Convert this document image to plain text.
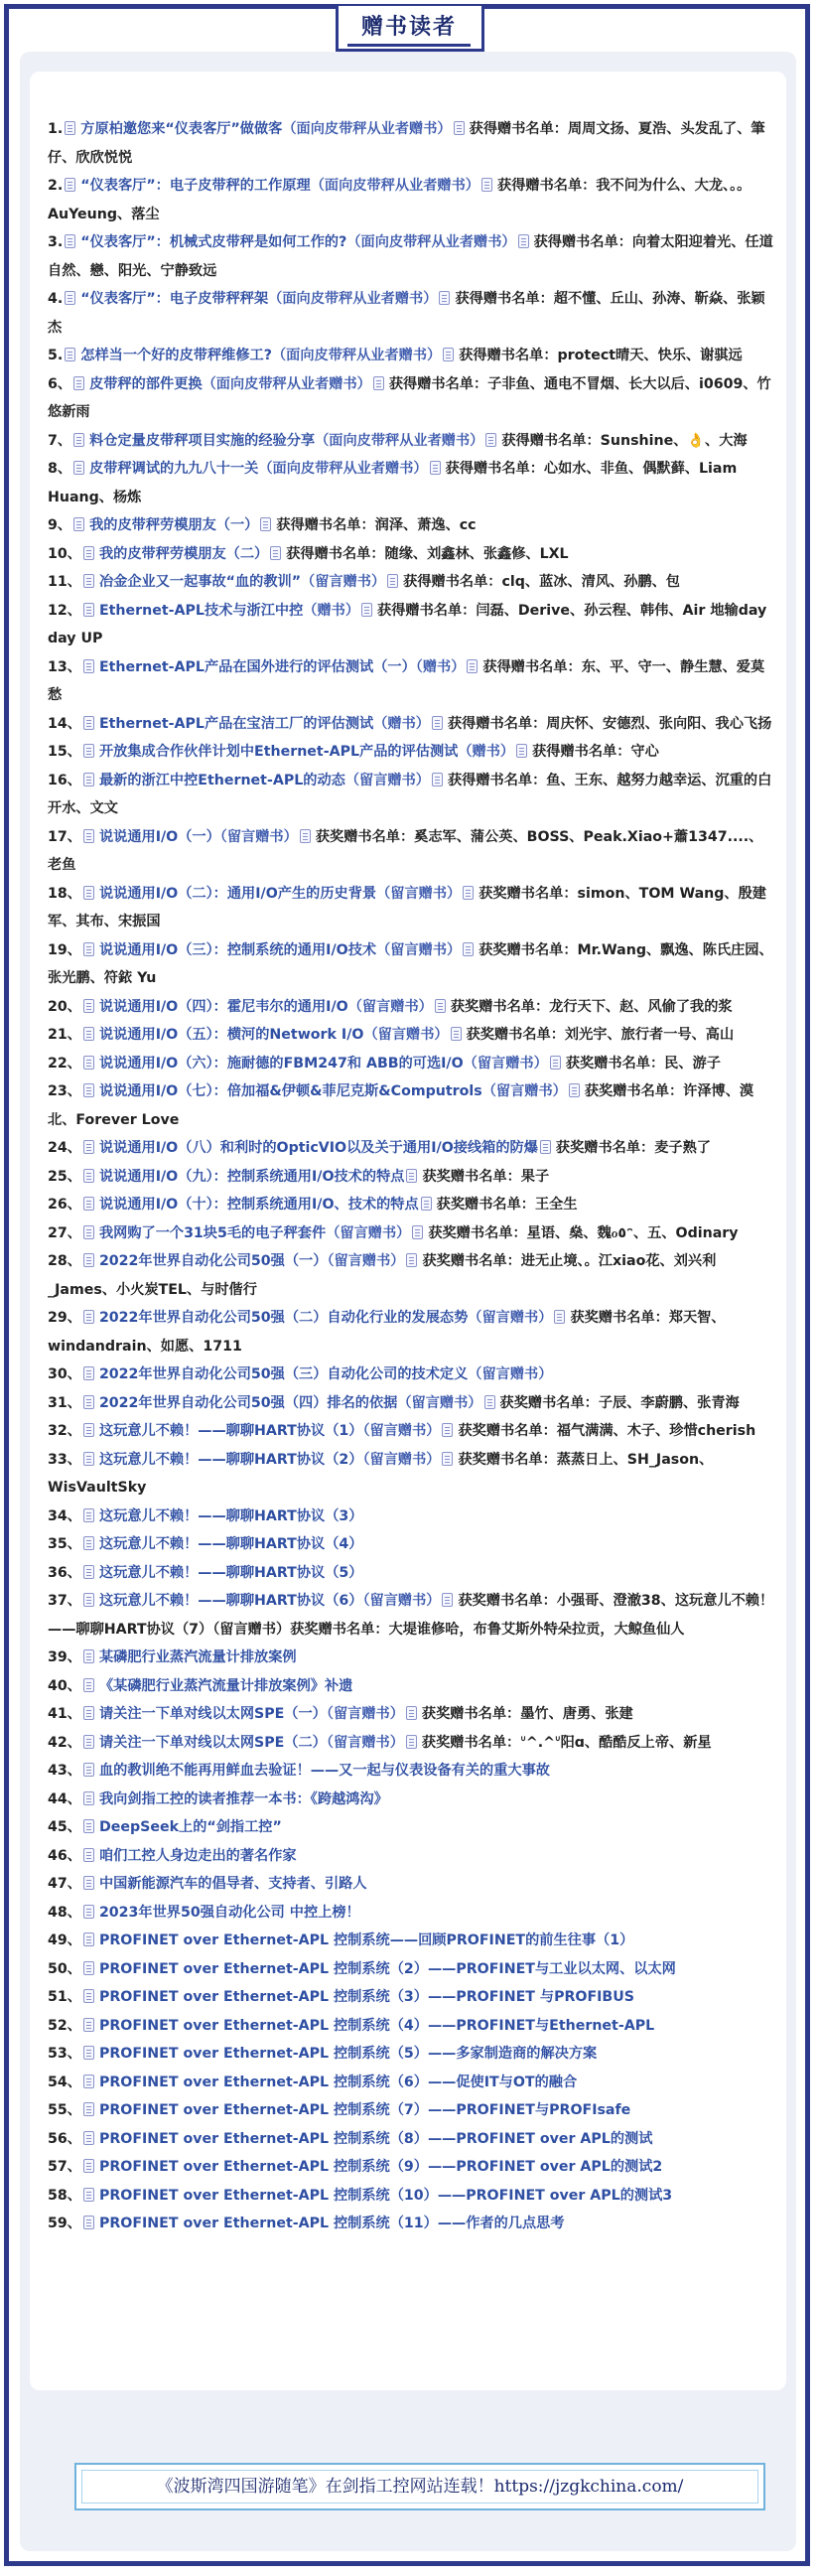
赠书读者
1. 方原柏邀您来“仪表客厅”做做客（面向皮带秤从业者赠书） 获得赠书名单：周周文扬、夏浩、头发乱了、筆仔、欣欣悦悦
2. “仪表客厅”：电子皮带秤的工作原理（面向皮带秤从业者赠书） 获得赠书名单：我不问为什么、大龙、。。AuYeung、落尘
3. “仪表客厅”：机械式皮带秤是如何工作的?（面向皮带秤从业者赠书） 获得赠书名单：向着太阳迎着光、任道自然、戀、阳光、宁静致远
4. “仪表客厅”：电子皮带秤秤架（面向皮带秤从业者赠书） 获得赠书名单：超不懂、丘山、孙涛、靳焱、张颖杰
5. 怎样当一个好的皮带秤维修工?（面向皮带秤从业者赠书） 获得赠书名单：protect晴天、快乐、谢骐远
6、 皮带秤的部件更换（面向皮带秤从业者赠书） 获得赠书名单：子非鱼、通电不冒烟、长大以后、i0609、竹悠新雨
7、 料仓定量皮带秤项目实施的经验分享（面向皮带秤从业者赠书） 获得赠书名单：Sunshine、👌、大海
8、 皮带秤调试的九九八十一关（面向皮带秤从业者赠书） 获得赠书名单：心如水、非鱼、偶默藓、Liam Huang、杨炼
9、 我的皮带秤劳模朋友（一） 获得赠书名单：润泽、萧逸、cc
10、 我的皮带秤劳模朋友（二） 获得赠书名单：随缘、刘鑫林、张鑫修、LXL
11、 冶金企业又一起事故“血的教训”（留言赠书） 获得赠书名单：clq、蓝冰、清风、孙鹏、包
12、 Ethernet-APL技术与浙江中控（赠书） 获得赠书名单：闫磊、Derive、孙云程、韩伟、Air 地输day day UP
13、 Ethernet-APL产品在国外进行的评估测试（一）（赠书） 获得赠书名单：东、平、守一、静生慧、爱莫愁
14、 Ethernet-APL产品在宝洁工厂的评估测试（赠书） 获得赠书名单：周庆怀、安德烈、张向阳、我心飞扬
15、 开放集成合作伙伴计划中Ethernet-APL产品的评估测试（赠书） 获得赠书名单：守心
16、 最新的浙江中控Ethernet-APL的动态（留言赠书） 获得赠书名单：鱼、王东、越努力越幸运、沉重的白开水、文文
17、 说说通用I/O（一）（留言赠书） 获奖赠书名单：奚志军、蒲公英、BOSS、Peak.Xiao+蕭1347....、老鱼
18、 说说通用I/O（二）：通用I/O产生的历史背景（留言赠书） 获奖赠书名单：simon、TOM Wang、殷建军、其布、宋振国
19、 说说通用I/O（三）：控制系统的通用I/O技术（留言赠书） 获奖赠书名单：Mr.Wang、飘逸、陈氏庄园、张光鹏、符銥 Yu
20、 说说通用I/O（四）：霍尼韦尔的通用I/O（留言赠书） 获奖赠书名单：龙行天下、赵、风偷了我的浆
21、 说说通用I/O（五）：横河的Network I/O（留言赠书） 获奖赠书名单：刘光宇、旅行者一号、高山
22、 说说通用I/O（六）：施耐德的FBM247和 ABB的可选I/O（留言赠书） 获奖赠书名单：民、游子
23、 说说通用I/O（七）：倍加福&伊顿&菲尼克斯&Computrols（留言赠书） 获奖赠书名单：许泽博、漠北、Forever Love
24、 说说通用I/O（八）和利时的OpticVIO以及关于通用I/O接线箱的防爆 获奖赠书名单：麦子熟了
25、 说说通用I/O（九）：控制系统通用I/O技术的特点 获奖赠书名单：果子
26、 说说通用I/O（十）：控制系统通用I/O、技术的特点 获奖赠书名单：王全生
27、 我网购了一个31块5毛的电子秤套件（留言赠书） 获奖赠书名单：星语、燊、魏ℴ٥ᵔ、五、Odinary
28、 2022年世界自动化公司50强（一）（留言赠书） 获奖赠书名单：进无止境、。江xiao花、刘兴利_James、小火炭TEL、与时偕行
29、 2022年世界自动化公司50强（二）自动化行业的发展态势（留言赠书） 获奖赠书名单：郑天智、windandrain、如愿、1711
30、 2022年世界自动化公司50强（三）自动化公司的技术定义（留言赠书）
31、 2022年世界自动化公司50强（四）排名的依据（留言赠书） 获奖赠书名单：子辰、李蔚鹏、张青海
32、 这玩意儿不赖！——聊聊HART协议（1）（留言赠书） 获奖赠书名单：福气满满、木子、珍惜cherish
33、 这玩意儿不赖！——聊聊HART协议（2）（留言赠书） 获奖赠书名单：蒸蒸日上、SH_Jason、WisVaultSky
34、 这玩意儿不赖！——聊聊HART协议（3）
35、 这玩意儿不赖！——聊聊HART协议（4）
36、 这玩意儿不赖！——聊聊HART协议（5）
37、 这玩意儿不赖！——聊聊HART协议（6）（留言赠书） 获奖赠书名单：小强哥、澄澈38、这玩意儿不赖！——聊聊HART协议（7）（留言赠书）获奖赠书名单：大堤谁修哈，布鲁艾斯外特朵拉贡，大鲸鱼仙人
39、 某磷肥行业蒸汽流量计排放案例
40、 《某磷肥行业蒸汽流量计排放案例》补遗
41、 请关注一下单对线以太网SPE（一）（留言赠书） 获奖赠书名单：墨竹、唐勇、张建
42、 请关注一下单对线以太网SPE（二）（留言赠书） 获奖赠书名单：ᐡ^.^ᐡ阳ɑ、酷酷反上帝、新星
43、 血的教训绝不能再用鲜血去验证！——又一起与仪表设备有关的重大事故
44、 我向剑指工控的读者推荐一本书：《跨越鸿沟》
45、 DeepSeek上的“剑指工控”
46、 咱们工控人身边走出的著名作家
47、 中国新能源汽车的倡导者、支持者、引路人
48、 2023年世界50强自动化公司 中控上榜！
49、 PROFINET over Ethernet-APL 控制系统——回顾PROFINET的前生往事（1）
50、 PROFINET over Ethernet-APL 控制系统（2）——PROFINET与工业以太网、以太网
51、 PROFINET over Ethernet-APL 控制系统（3）——PROFINET 与PROFIBUS
52、 PROFINET over Ethernet-APL 控制系统（4）——PROFINET与Ethernet-APL
53、 PROFINET over Ethernet-APL 控制系统（5）——多家制造商的解决方案
54、 PROFINET over Ethernet-APL 控制系统（6）——促使IT与OT的融合
55、 PROFINET over Ethernet-APL 控制系统（7）——PROFINET与PROFIsafe
56、 PROFINET over Ethernet-APL 控制系统（8）——PROFINET over APL的测试
57、 PROFINET over Ethernet-APL 控制系统（9）——PROFINET over APL的测试2
58、 PROFINET over Ethernet-APL 控制系统（10）——PROFINET over APL的测试3
59、 PROFINET over Ethernet-APL 控制系统（11）——作者的几点思考
《波斯湾四国游随笔》在剑指工控网站连载！https://jzgkchina.com/
